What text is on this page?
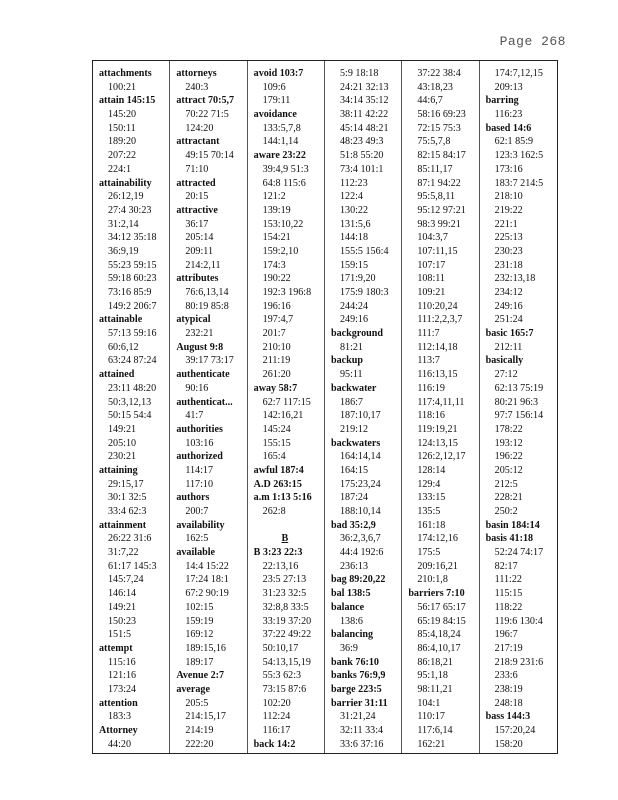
Page 268
attachments
100:21
attain 145:15
145:20
150:11
189:20
207:22
224:1
attainability
26:12,19
27:4 30:23
31:2,14
34:12 35:18
36:9,19
55:23 59:15
59:18 60:23
73:16 85:9
149:2 206:7
attainable
57:13 59:16
60:6,12
63:24 87:24
attained
23:11 48:20
50:3,12,13
50:15 54:4
149:21
205:10
230:21
attaining
29:15,17
30:1 32:5
33:4 62:3
attainment
26:22 31:6
31:7,22
61:17 145:3
145:7,24
146:14
149:21
150:23
151:5
attempt
115:16
121:16
173:24
attention
183:3
Attorney
44:20
attorneys
240:3
attract 70:5,7
70:22 71:5
124:20
attractant
49:15 70:14
71:10
attracted
20:15
attractive
36:17
205:14
209:11
214:2,11
attributes
76:6,13,14
80:19 85:8
atypical
232:21
August 9:8
39:17 73:17
authenticate
90:16
authenticat...
41:7
authorities
103:16
authorized
114:17
117:10
authors
200:7
availability
162:5
available
14:4 15:22
17:24 18:1
67:2 90:19
102:15
159:19
169:12
189:15,16
189:17
Avenue 2:7
average
205:5
214:15,17
214:19
222:20
avoid 103:7
109:6
179:11
avoidance
133:5,7,8
144:1,14
aware 23:22
39:4,9 51:3
64:8 115:6
121:2
139:19
153:10,22
154:21
159:2,10
174:3
190:22
192:3 196:8
196:16
197:4,7
201:7
210:10
211:19
261:20
away 58:7
62:7 117:15
142:16,21
145:24
155:15
165:4
awful 187:4
A.D 263:15
a.m 1:13 5:16
262:8
B
B 3:23 22:3
22:13,16
23:5 27:13
31:23 32:5
32:8,8 33:5
33:19 37:20
37:22 49:22
50:10,17
54:13,15,19
55:3 62:3
73:15 87:6
102:20
112:24
116:17
back 14:2
5:9 18:18
24:21 32:13
34:14 35:12
38:11 42:22
45:14 48:21
48:23 49:3
51:8 55:20
73:4 101:1
112:23
122:4
130:22
131:5,6
144:18
155:5 156:4
159:15
171:9,20
175:9 180:3
244:24
249:16
background
81:21
backup
95:11
backwater
186:7
187:10,17
219:12
backwaters
164:14,14
164:15
175:23,24
187:24
188:10,14
bad 35:2,9
36:2,3,6,7
44:4 192:6
236:13
bag 89:20,22
bal 138:5
balance
138:6
balancing
36:9
bank 76:10
banks 76:9,9
barge 223:5
barrier 31:11
31:21,24
32:11 33:4
33:6 37:16
37:22 38:4
43:18,23
44:6,7
58:16 69:23
72:15 75:3
75:5,7,8
82:15 84:17
85:11,17
87:1 94:22
95:5,8,11
95:12 97:21
98:3 99:21
104:3,7
107:11,15
107:17
108:11
109:21
110:20,24
111:2,2,3,7
111:7
112:14,18
113:7
116:13,15
116:19
117:4,11,11
118:16
119:19,21
124:13,15
126:2,12,17
128:14
129:4
133:15
135:5
161:18
174:12,16
175:5
209:16,21
210:1,8
barriers 7:10
56:17 65:17
65:19 84:15
85:4,18,24
86:4,10,17
86:18,21
95:1,18
98:11,21
104:1
110:17
117:6,14
162:21
174:7,12,15
209:13
barring
116:23
based 14:6
62:1 85:9
123:3 162:5
173:16
183:7 214:5
218:10
219:22
221:1
225:13
230:23
231:18
232:13,18
234:12
249:16
251:24
basic 165:7
212:11
basically
27:12
62:13 75:19
80:21 96:3
97:7 156:14
178:22
193:12
196:22
205:12
212:5
228:21
250:2
basin 184:14
basis 41:18
52:24 74:17
82:17
111:22
115:15
118:22
119:6 130:4
196:7
217:19
218:9 231:6
233:6
238:19
248:18
bass 144:3
157:20,24
158:20
